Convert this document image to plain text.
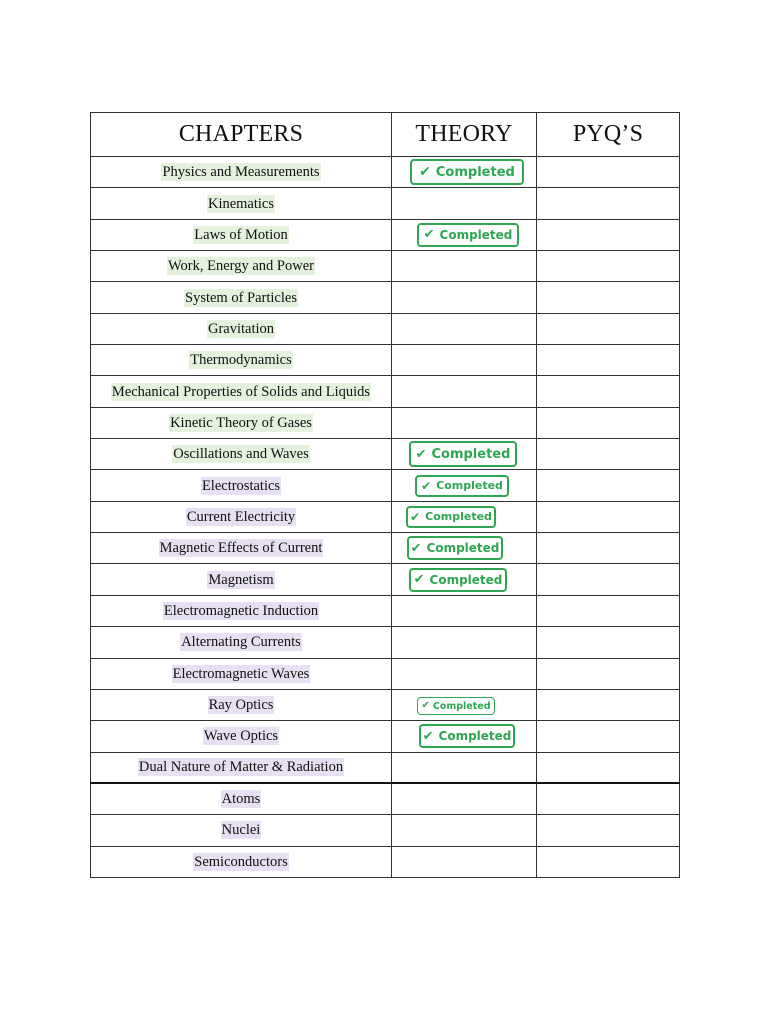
CHAPTERS	THEORY	PYQ’S
Physics and Measurements	✔ Completed	

Kinematics		
Laws of Motion	✔ Completed	

Work, Energy and Power		
System of Particles		
Gravitation		
Thermodynamics		
Mechanical Properties of Solids and Liquids		
Kinetic Theory of Gases		
Oscillations and Waves	✔ Completed	

Electrostatics	✔ Completed	

Current Electricity	✔ Completed	

Magnetic Effects of Current	✔ Completed	

Magnetism	✔ Completed	

Electromagnetic Induction		
Alternating Currents		
Electromagnetic Waves		
Ray Optics	✔ Completed	

Wave Optics	✔ Completed	

Dual Nature of Matter & Radiation		
Atoms		
Nuclei		
Semiconductors		
